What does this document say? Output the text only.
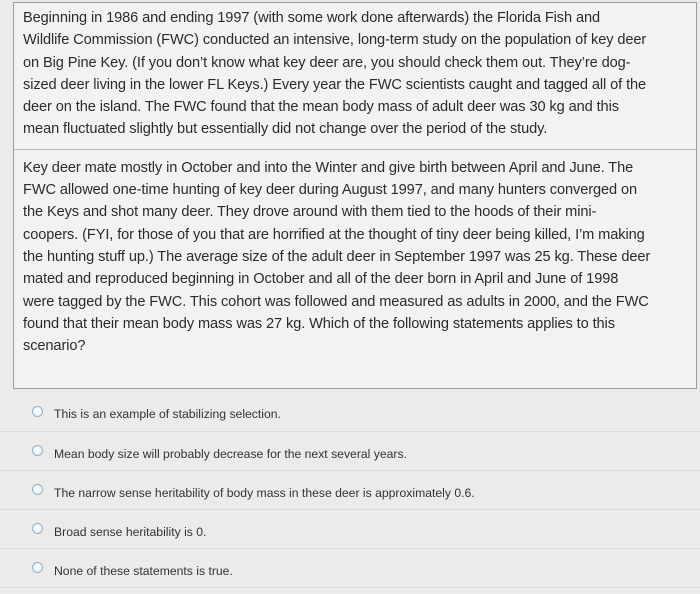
Beginning in 1986 and ending 1997 (with some work done afterwards) the Florida Fish and
Wildlife Commission (FWC) conducted an intensive, long-term study on the population of key deer
on Big Pine Key. (If you don’t know what key deer are, you should check them out. They’re dog-
sized deer living in the lower FL Keys.) Every year the FWC scientists caught and tagged all of the
deer on the island. The FWC found that the mean body mass of adult deer was 30 kg and this
mean fluctuated slightly but essentially did not change over the period of the study.

Key deer mate mostly in October and into the Winter and give birth between April and June. The
FWC allowed one-time hunting of key deer during August 1997, and many hunters converged on
the Keys and shot many deer. They drove around with them tied to the hoods of their mini-
coopers. (FYI, for those of you that are horrified at the thought of tiny deer being killed, I’m making
the hunting stuff up.) The average size of the adult deer in September 1997 was 25 kg. These deer
mated and reproduced beginning in October and all of the deer born in April and June of 1998
were tagged by the FWC. This cohort was followed and measured as adults in 2000, and the FWC
found that their mean body mass was 27 kg. Which of the following statements applies to this
scenario?

This is an example of stabilizing selection.
Mean body size will probably decrease for the next several years.
The narrow sense heritability of body mass in these deer is approximately 0.6.
Broad sense heritability is 0.
None of these statements is true.
